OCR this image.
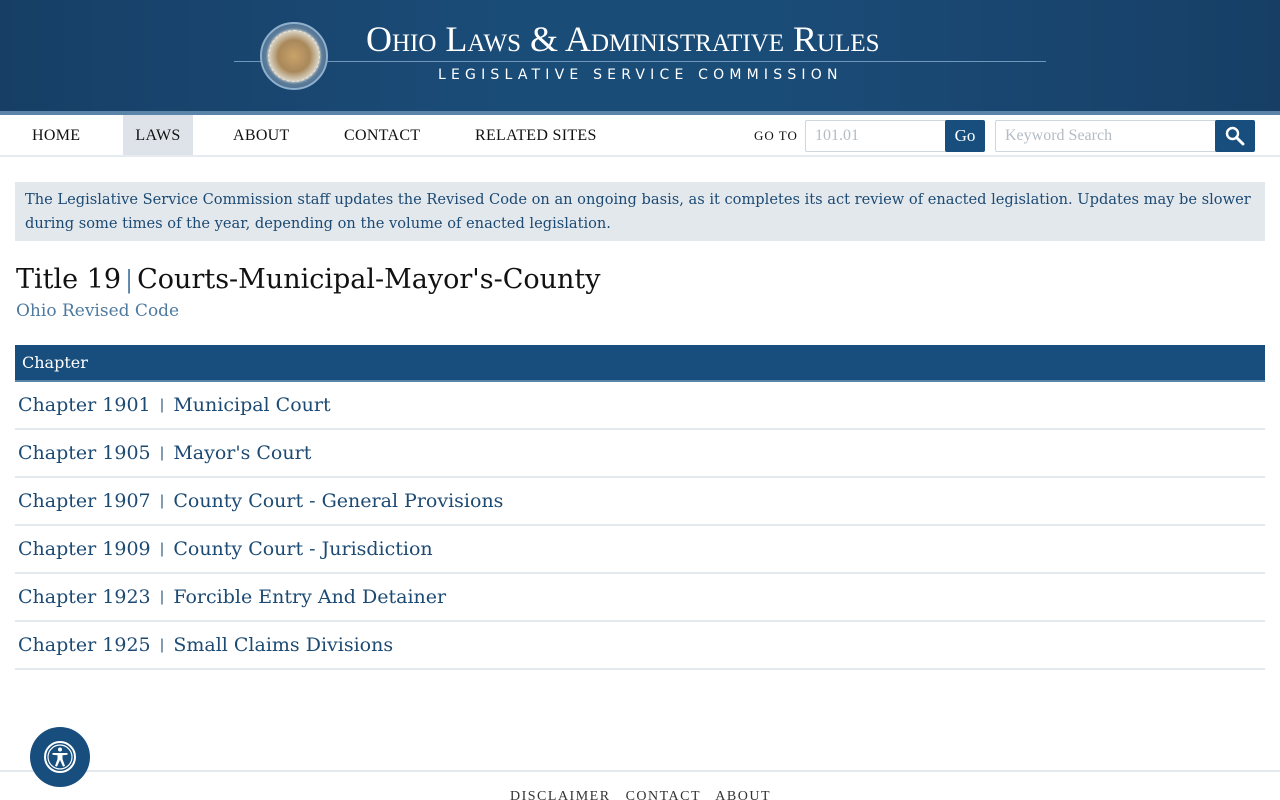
Ohio Laws & Administrative Rules
LEGISLATIVE SERVICE COMMISSION
HOME	LAWS	ABOUT	CONTACT	RELATED SITES	GO TO
101.01	Go
Keyword Search
The Legislative Service Commission staff updates the Revised Code on an ongoing basis, as it completes its act review of enacted legislation. Updates may be slower during some times of the year, depending on the volume of enacted legislation.
Title 19 | Courts-Municipal-Mayor's-County
Ohio Revised Code
Chapter
Chapter 1901 | Municipal Court
Chapter 1905 | Mayor's Court
Chapter 1907 | County Court - General Provisions
Chapter 1909 | County Court - Jurisdiction
Chapter 1923 | Forcible Entry And Detainer
Chapter 1925 | Small Claims Divisions
DISCLAIMER CONTACT ABOUT
